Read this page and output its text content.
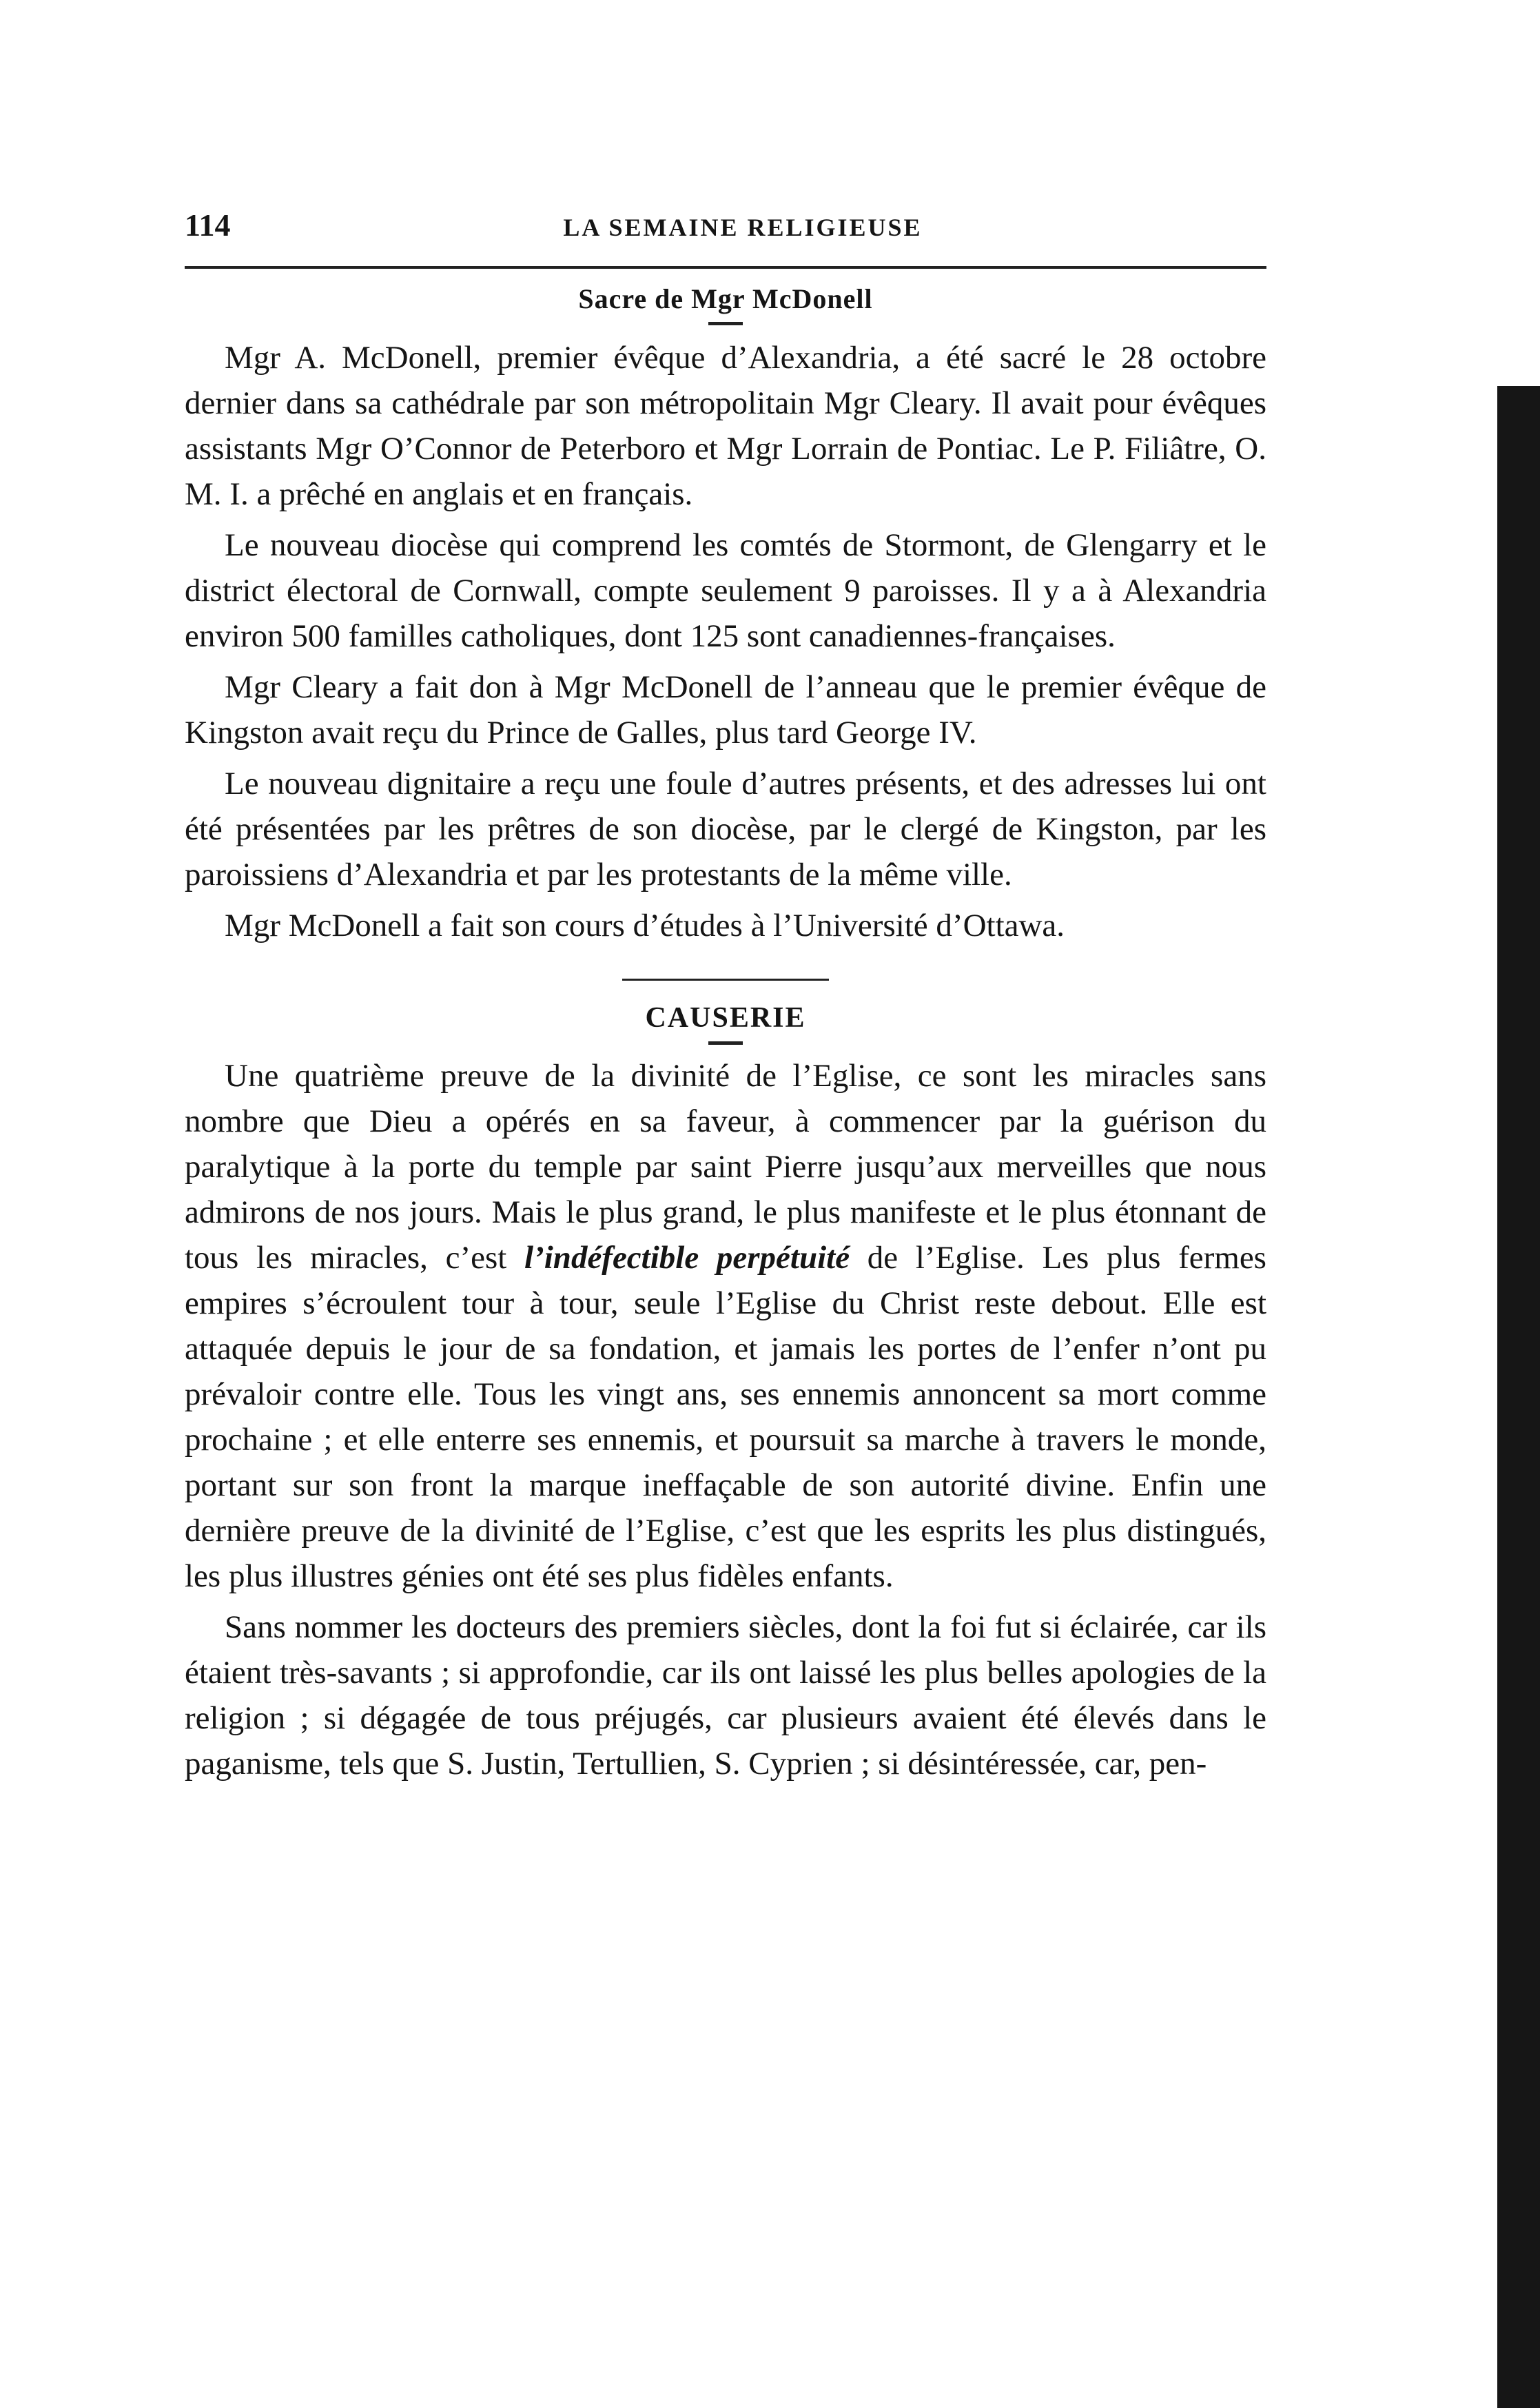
114	LA SEMAINE RELIGIEUSE
Sacre de Mgr McDonell

Mgr A. McDonell, premier évêque d’Alexandria, a été sacré le 28 octobre dernier dans sa cathédrale par son métropolitain Mgr Cleary. Il avait pour évêques assistants Mgr O’Connor de Peterboro et Mgr Lorrain de Pontiac. Le P. Filiâtre, O. M. I. a prêché en anglais et en français.

Le nouveau diocèse qui comprend les comtés de Stormont, de Glengarry et le district électoral de Cornwall, compte seulement 9 paroisses. Il y a à Alexandria environ 500 familles catholiques, dont 125 sont canadiennes-françaises.

Mgr Cleary a fait don à Mgr McDonell de l’anneau que le premier évêque de Kingston avait reçu du Prince de Galles, plus tard George IV.

Le nouveau dignitaire a reçu une foule d’autres présents, et des adresses lui ont été présentées par les prêtres de son diocèse, par le clergé de Kingston, par les paroissiens d’Alexandria et par les protestants de la même ville.

Mgr McDonell a fait son cours d’études à l’Université d’Ottawa.

CAUSERIE

Une quatrième preuve de la divinité de l’Eglise, ce sont les miracles sans nombre que Dieu a opérés en sa faveur, à commencer par la guérison du paralytique à la porte du temple par saint Pierre jusqu’aux merveilles que nous admirons de nos jours. Mais le plus grand, le plus manifeste et le plus étonnant de tous les miracles, c’est l’indéfectible perpétuité de l’Eglise. Les plus fermes empires s’écroulent tour à tour, seule l’Eglise du Christ reste debout. Elle est attaquée depuis le jour de sa fondation, et jamais les portes de l’enfer n’ont pu prévaloir contre elle. Tous les vingt ans, ses ennemis annoncent sa mort comme prochaine ; et elle enterre ses ennemis, et poursuit sa marche à travers le monde, portant sur son front la marque ineffaçable de son autorité divine. Enfin une dernière preuve de la divinité de l’Eglise, c’est que les esprits les plus distingués, les plus illustres génies ont été ses plus fidèles enfants.

Sans nommer les docteurs des premiers siècles, dont la foi fut si éclairée, car ils étaient très-savants ; si approfondie, car ils ont laissé les plus belles apologies de la religion ; si dégagée de tous préjugés, car plusieurs avaient été élevés dans le paganisme, tels que S. Justin, Tertullien, S. Cyprien ; si désintéressée, car, pen-
